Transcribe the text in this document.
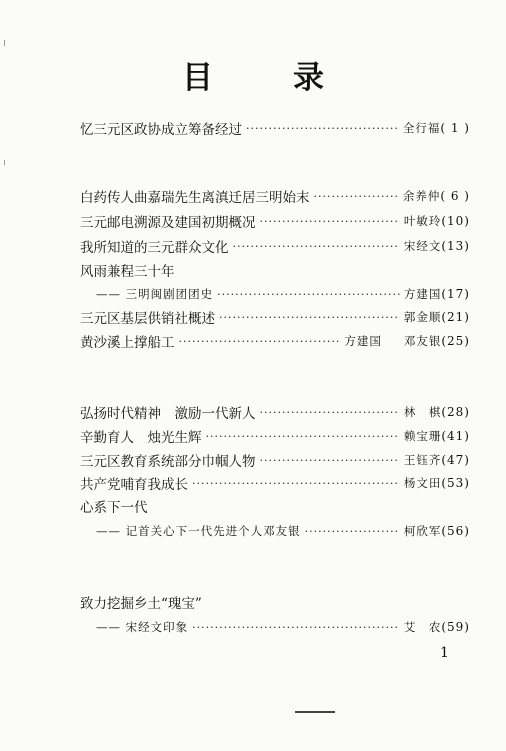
目	录
忆三元区政协成立筹备经过 ·····	全行福 ( 1 )
白药传人曲嘉瑞先生离滇迁居三明始末 ·····	余养仲 ( 6 )
三元邮电溯源及建国初期概况 ·····	叶敏玲 (10)
我所知道的三元群众文化 ·····	宋经文 (13)
风雨兼程三十年
—— 三明闽剧团团史 ·····	方建国 (17)
三元区基层供销社概述 ·····	郭金顺 (21)
黄沙溪上撑船工 ·····	方建国 邓友银 (25)
弘扬时代精神　激励一代新人 ·····	林　棋 (28)
辛勤育人　烛光生辉 ·····	赖宝珊 (41)
三元区教育系统部分巾帼人物 ·····	王钰齐 (47)
共产党哺育我成长 ·····	杨文田 (53)
心系下一代
—— 记首关心下一代先进个人邓友银 ·····	柯欣军 (56)
致力挖掘乡土“瑰宝”
—— 宋经文印象 ·····	艾　农 (59)
1
